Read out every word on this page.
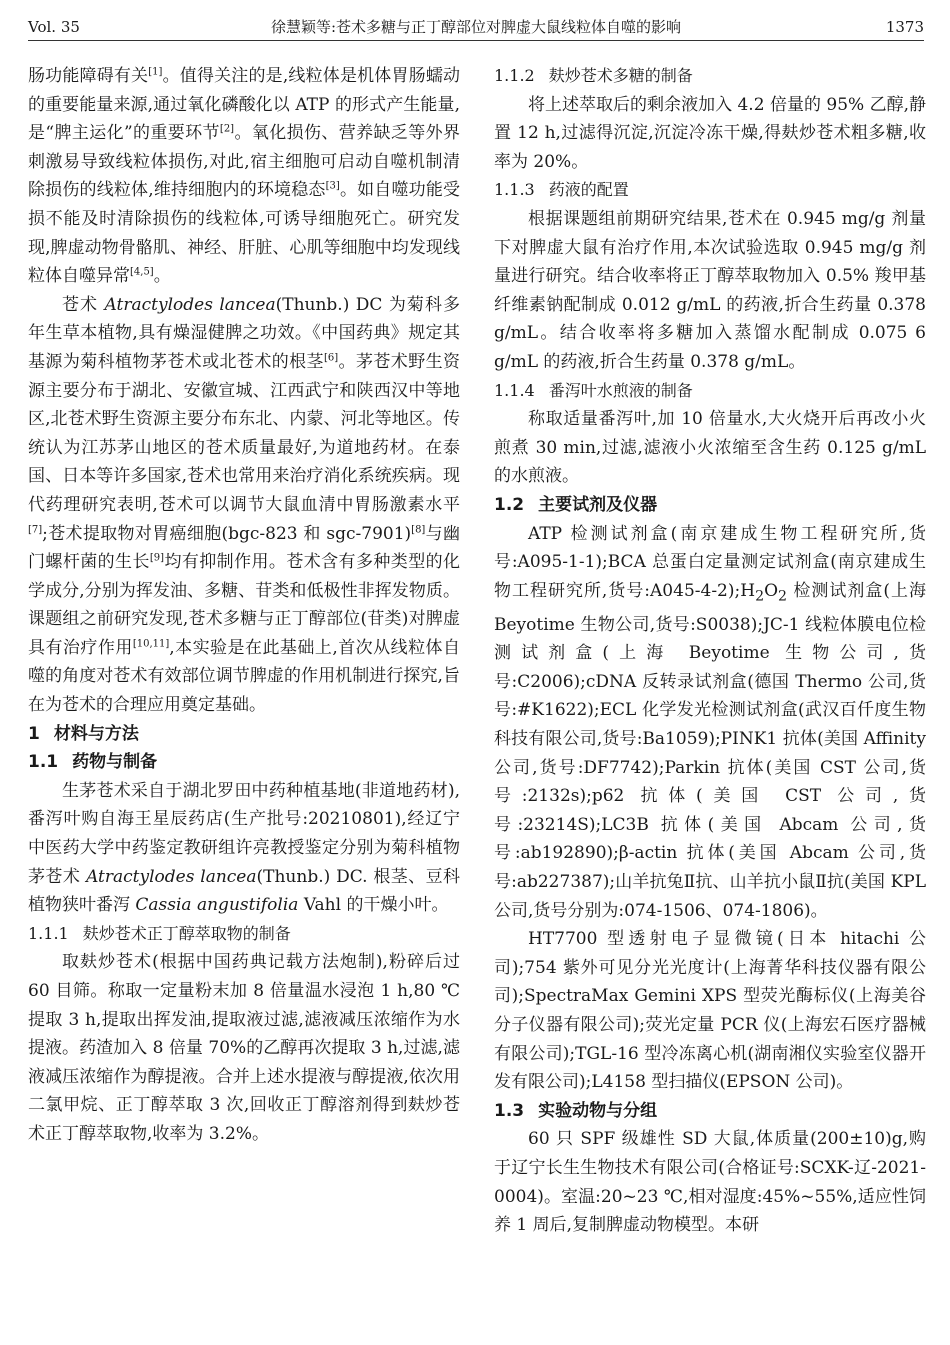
Vol. 35	徐慧颖等:苍术多糖与正丁醇部位对脾虚大鼠线粒体自噬的影响	1373

肠功能障碍有关[1]。值得关注的是,线粒体是机体胃肠蠕动的重要能量来源,通过氧化磷酸化以 ATP 的形式产生能量,是“脾主运化”的重要环节[2]。氧化损伤、营养缺乏等外界刺激易导致线粒体损伤,对此,宿主细胞可启动自噬机制清除损伤的线粒体,维持细胞内的环境稳态[3]。如自噬功能受损不能及时清除损伤的线粒体,可诱导细胞死亡。研究发现,脾虚动物骨骼肌、神经、肝脏、心肌等细胞中均发现线粒体自噬异常[4,5]。

苍术 Atractylodes lancea(Thunb.) DC 为菊科多年生草本植物,具有燥湿健脾之功效。《中国药典》规定其基源为菊科植物茅苍术或北苍术的根茎[6]。茅苍术野生资源主要分布于湖北、安徽宣城、江西武宁和陕西汉中等地区,北苍术野生资源主要分布东北、内蒙、河北等地区。传统认为江苏茅山地区的苍术质量最好,为道地药材。在泰国、日本等许多国家,苍术也常用来治疗消化系统疾病。现代药理研究表明,苍术可以调节大鼠血清中胃肠激素水平[7];苍术提取物对胃癌细胞(bgc-823 和 sgc-7901)[8]与幽门螺杆菌的生长[9]均有抑制作用。苍术含有多种类型的化学成分,分别为挥发油、多糖、苷类和低极性非挥发物质。课题组之前研究发现,苍术多糖与正丁醇部位(苷类)对脾虚具有治疗作用[10,11],本实验是在此基础上,首次从线粒体自噬的角度对苍术有效部位调节脾虚的作用机制进行探究,旨在为苍术的合理应用奠定基础。

1 材料与方法
1.1 药物与制备

生茅苍术采自于湖北罗田中药种植基地(非道地药材),番泻叶购自海王星辰药店(生产批号:20210801),经辽宁中医药大学中药鉴定教研组许亮教授鉴定分别为菊科植物茅苍术 Atractylodes lancea(Thunb.) DC. 根茎、豆科植物狭叶番泻 Cassia angustifolia Vahl 的干燥小叶。

1.1.1 麸炒苍术正丁醇萃取物的制备

取麸炒苍术(根据中国药典记载方法炮制),粉碎后过 60 目筛。称取一定量粉末加 8 倍量温水浸泡 1 h,80 ℃提取 3 h,提取出挥发油,提取液过滤,滤液减压浓缩作为水提液。药渣加入 8 倍量 70%的乙醇再次提取 3 h,过滤,滤液减压浓缩作为醇提液。合并上述水提液与醇提液,依次用二氯甲烷、正丁醇萃取 3 次,回收正丁醇溶剂得到麸炒苍术正丁醇萃取物,收率为 3.2%。

1.1.2 麸炒苍术多糖的制备

将上述萃取后的剩余液加入 4.2 倍量的 95% 乙醇,静置 12 h,过滤得沉淀,沉淀冷冻干燥,得麸炒苍术粗多糖,收率为 20%。

1.1.3 药液的配置

根据课题组前期研究结果,苍术在 0.945 mg/g 剂量下对脾虚大鼠有治疗作用,本次试验选取 0.945 mg/g 剂量进行研究。结合收率将正丁醇萃取物加入 0.5% 羧甲基纤维素钠配制成 0.012 g/mL 的药液,折合生药量 0.378 g/mL。结合收率将多糖加入蒸馏水配制成 0.075 6 g/mL 的药液,折合生药量 0.378 g/mL。

1.1.4 番泻叶水煎液的制备

称取适量番泻叶,加 10 倍量水,大火烧开后再改小火煎煮 30 min,过滤,滤液小火浓缩至含生药 0.125 g/mL 的水煎液。

1.2 主要试剂及仪器

ATP 检测试剂盒(南京建成生物工程研究所,货号:A095-1-1);BCA 总蛋白定量测定试剂盒(南京建成生物工程研究所,货号$:A045-4-2);H_2O_2$ 检测试剂盒(上海 Beyotime 生物公司,货号:S0038);JC-1 线粒体膜电位检测试剂盒(上海 Beyotime 生物公司,货号:C2006);cDNA 反转录试剂盒(德国 Thermo 公司,货号:#K1622);ECL 化学发光检测试剂盒(武汉百仟度生物科技有限公司,货号:Ba1059);PINK1 抗体(美国 Affinity 公司,货号:DF7742);Parkin 抗体(美国 CST 公司,货号:2132s);p62 抗体(美国 CST 公司,货号:23214S);LC3B 抗体(美国 Abcam 公司,货号:ab192890);β-actin 抗体(美国 Abcam 公司,货号:ab227387);山羊抗兔Ⅱ抗、山羊抗小鼠Ⅱ抗(美国 KPL 公司,货号分别为:074-1506、074-1806)。

HT7700 型透射电子显微镜(日本 hitachi 公司);754 紫外可见分光光度计(上海菁华科技仪器有限公司);SpectraMax Gemini XPS 型荧光酶标仪(上海美谷分子仪器有限公司);荧光定量 PCR 仪(上海宏石医疗器械有限公司);TGL-16 型冷冻离心机(湖南湘仪实验室仪器开发有限公司);L4158 型扫描仪(EPSON 公司)。

1.3 实验动物与分组

60 只 SPF 级雄性 SD 大鼠,体质量(200±10)g,购于辽宁长生生物技术有限公司(合格证号:SCXK-辽-2021-0004)。室温:20~23 ℃,相对湿度:45%~55%,适应性饲养 1 周后,复制脾虚动物模型。本研
